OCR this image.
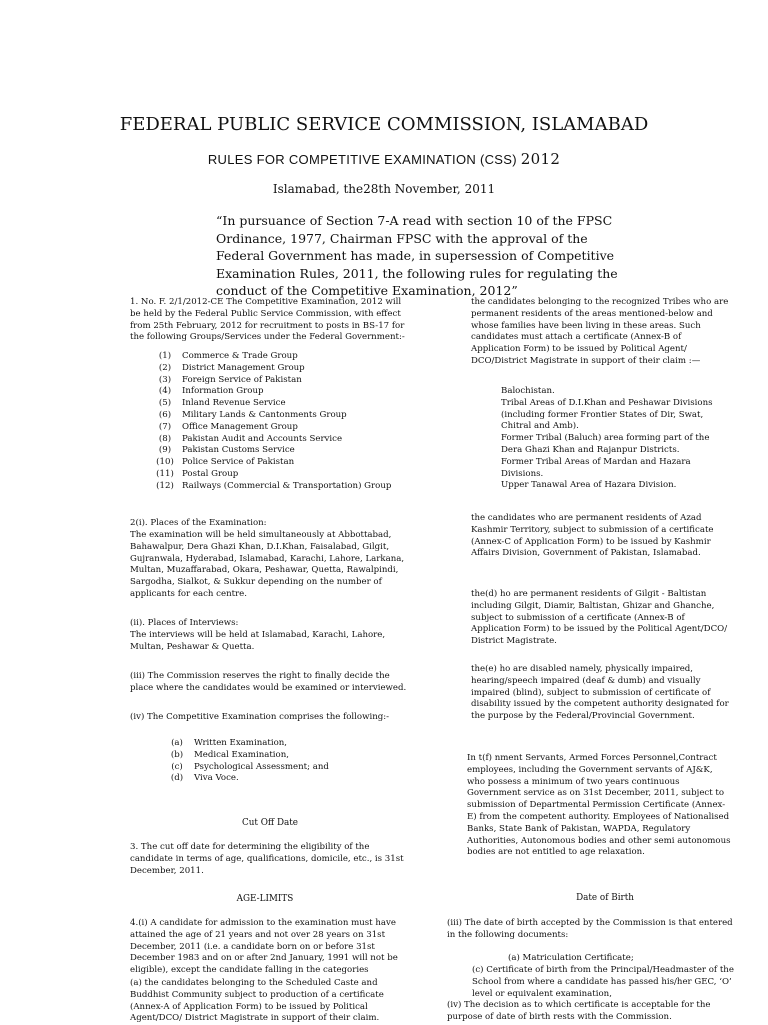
FEDERAL PUBLIC SERVICE COMMISSION, ISLAMABAD
RULES FOR COMPETITIVE EXAMINATION (CSS) 2012
Islamabad, the28th November, 2011
“In pursuance of Section 7-A read with section 10 of the FPSC Ordinance, 1977, Chairman FPSC with the approval of the Federal Government has made, in supersession of Competitive Examination Rules, 2011, the following rules for regulating the conduct of the Competitive Examination, 2012”
1. No. F. 2/1/2012-CE The Competitive Examination, 2012 will be held by the Federal Public Service Commission, with effect from 25th February, 2012 for recruitment to posts in BS-17 for the following Groups/Services under the Federal Government:-
(1)	Commerce & Trade Group
(2)	District Management Group
(3)	Foreign Service of Pakistan
(4)	Information Group
(5)	Inland Revenue Service
(6)	Military Lands & Cantonments Group
(7)	Office Management Group
(8)	Pakistan Audit and Accounts Service
(9)	Pakistan Customs Service
(10) Police Service of Pakistan
(11) Postal Group
(12) Railways (Commercial & Transportation) Group
2(i). Places of the Examination:
The examination will be held simultaneously at Abbottabad, Bahawalpur, Dera Ghazi Khan, D.I.Khan, Faisalabad, Gilgit, Gujranwala, Hyderabad, Islamabad, Karachi, Lahore, Larkana, Multan, Muzaffarabad, Okara, Peshawar, Quetta, Rawalpindi, Sargodha, Sialkot, & Sukkur depending on the number of applicants for each centre.
(ii). Places of Interviews:
The interviews will be held at Islamabad, Karachi, Lahore, Multan, Peshawar & Quetta.
(iii) The Commission reserves the right to finally decide the place where the candidates would be examined or interviewed.
(iv) The Competitive Examination comprises the following:-
(a)	Written Examination,
(b)	Medical Examination,
(c)	Psychological Assessment; and
(d)	Viva Voce.
Cut Off Date
3. The cut off date for determining the eligibility of the candidate in terms of age, qualifications, domicile, etc., is 31st December, 2011.
AGE-LIMITS
4.(i) A candidate for admission to the examination must have attained the age of 21 years and not over 28 years on 31st December, 2011 (i.e. a candidate born on or before 31st December 1983 and on or after 2nd January, 1991 will not be eligible), except the candidate falling in the categories
(a) the candidates belonging to the Scheduled Caste and Buddhist Community subject to production of a certificate (Annex-A of Application Form) to be issued by Political Agent/DCO/ District Magistrate in support of their claim.
the candidates belonging to the recognized Tribes who are permanent residents of the areas mentioned-below and whose families have been living in these areas. Such candidates must attach a certificate (Annex-B of Application Form) to be issued by Political Agent/ DCO/District Magistrate in support of their claim :—
Balochistan.
Tribal Areas of D.I.Khan and Peshawar Divisions (including former Frontier States of Dir, Swat, Chitral and Amb).
Former Tribal (Baluch) area forming part of the Dera Ghazi Khan and Rajanpur Districts.
Former Tribal Areas of Mardan and Hazara Divisions.
Upper Tanawal Area of Hazara Division.
the candidates who are permanent residents of Azad Kashmir Territory, subject to submission of a certificate (Annex-C of Application Form) to be issued by Kashmir Affairs Division, Government of Pakistan, Islamabad.
the(d) ho are permanent residents of Gilgit - Baltistan including Gilgit, Diamir, Baltistan, Ghizar and Ghanche, subject to submission of a certificate (Annex-B of Application Form) to be issued by the Political Agent/DCO/ District Magistrate.
the(e) ho are disabled namely, physically impaired, hearing/speech impaired (deaf & dumb) and visually impaired (blind), subject to submission of certificate of disability issued by the competent authority designated for the purpose by the Federal/Provincial Government.
In t(f) nment Servants, Armed Forces Personnel,Contract employees, including the Government servants of AJ&K, who possess a minimum of two years continuous Government service as on 31st December, 2011, subject to submission of Departmental Permission Certificate (Annex-E) from the competent authority. Employees of Nationalised Banks, State Bank of Pakistan, WAPDA, Regulatory Authorities, Autonomous bodies and other semi autonomous bodies are not entitled to age relaxation.
Date of Birth
(iii) The date of birth accepted by the Commission is that entered in the following documents:
(a) Matriculation Certificate;
(c) Certificate of birth from the Principal/Headmaster of the School from where a candidate has passed his/her GEC, ‘O’ level or equivalent examination,
(iv) The decision as to which certificate is acceptable for the purpose of date of birth rests with the Commission.
